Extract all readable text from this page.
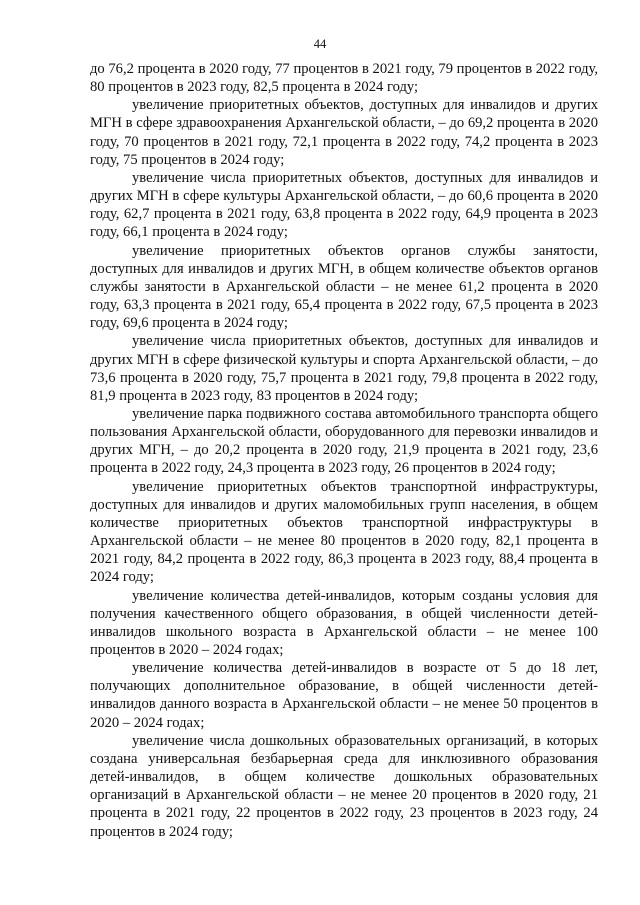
44

до 76,2 процента в 2020 году, 77 процентов в 2021 году, 79 процентов в 2022 году, 80 процентов в 2023 году, 82,5 процента в 2024 году;

увеличение приоритетных объектов, доступных для инвалидов и других МГН в сфере здравоохранения Архангельской области, – до 69,2 процента в 2020 году, 70 процентов в 2021 году, 72,1 процента в 2022 году, 74,2 процента в 2023 году, 75 процентов в 2024 году;

увеличение числа приоритетных объектов, доступных для инвалидов и других МГН в сфере культуры Архангельской области, – до 60,6 процента в 2020 году, 62,7 процента в 2021 году, 63,8 процента в 2022 году, 64,9 процента в 2023 году, 66,1 процента в 2024 году;

увеличение приоритетных объектов органов службы занятости, доступных для инвалидов и других МГН, в общем количестве объектов органов службы занятости в Архангельской области – не менее 61,2 процента в 2020 году, 63,3 процента в 2021 году, 65,4 процента в 2022 году, 67,5 процента в 2023 году, 69,6 процента в 2024 году;

увеличение числа приоритетных объектов, доступных для инвалидов и других МГН в сфере физической культуры и спорта Архангельской области, – до 73,6 процента в 2020 году, 75,7 процента в 2021 году, 79,8 процента в 2022 году, 81,9 процента в 2023 году, 83 процентов в 2024 году;

увеличение парка подвижного состава автомобильного транспорта общего пользования Архангельской области, оборудованного для перевозки инвалидов и других МГН, – до 20,2 процента в 2020 году, 21,9 процента в 2021 году, 23,6 процента в 2022 году, 24,3 процента в 2023 году, 26 процентов в 2024 году;

увеличение приоритетных объектов транспортной инфраструктуры, доступных для инвалидов и других маломобильных групп населения, в общем количестве приоритетных объектов транспортной инфраструктуры в Архангельской области – не менее 80 процентов в 2020 году, 82,1 процента в 2021 году, 84,2 процента в 2022 году, 86,3 процента в 2023 году, 88,4 процента в 2024 году;

увеличение количества детей-инвалидов, которым созданы условия для получения качественного общего образования, в общей численности детей-инвалидов школьного возраста в Архангельской области – не менее 100 процентов в 2020 – 2024 годах;

увеличение количества детей-инвалидов в возрасте от 5 до 18 лет, получающих дополнительное образование, в общей численности детей-инвалидов данного возраста в Архангельской области – не менее 50 процентов в 2020 – 2024 годах;

увеличение числа дошкольных образовательных организаций, в которых создана универсальная безбарьерная среда для инклюзивного образования детей-инвалидов, в общем количестве дошкольных образовательных организаций в Архангельской области – не менее 20 процентов в 2020 году, 21 процента в 2021 году, 22 процентов в 2022 году, 23 процентов в 2023 году, 24 процентов в 2024 году;
